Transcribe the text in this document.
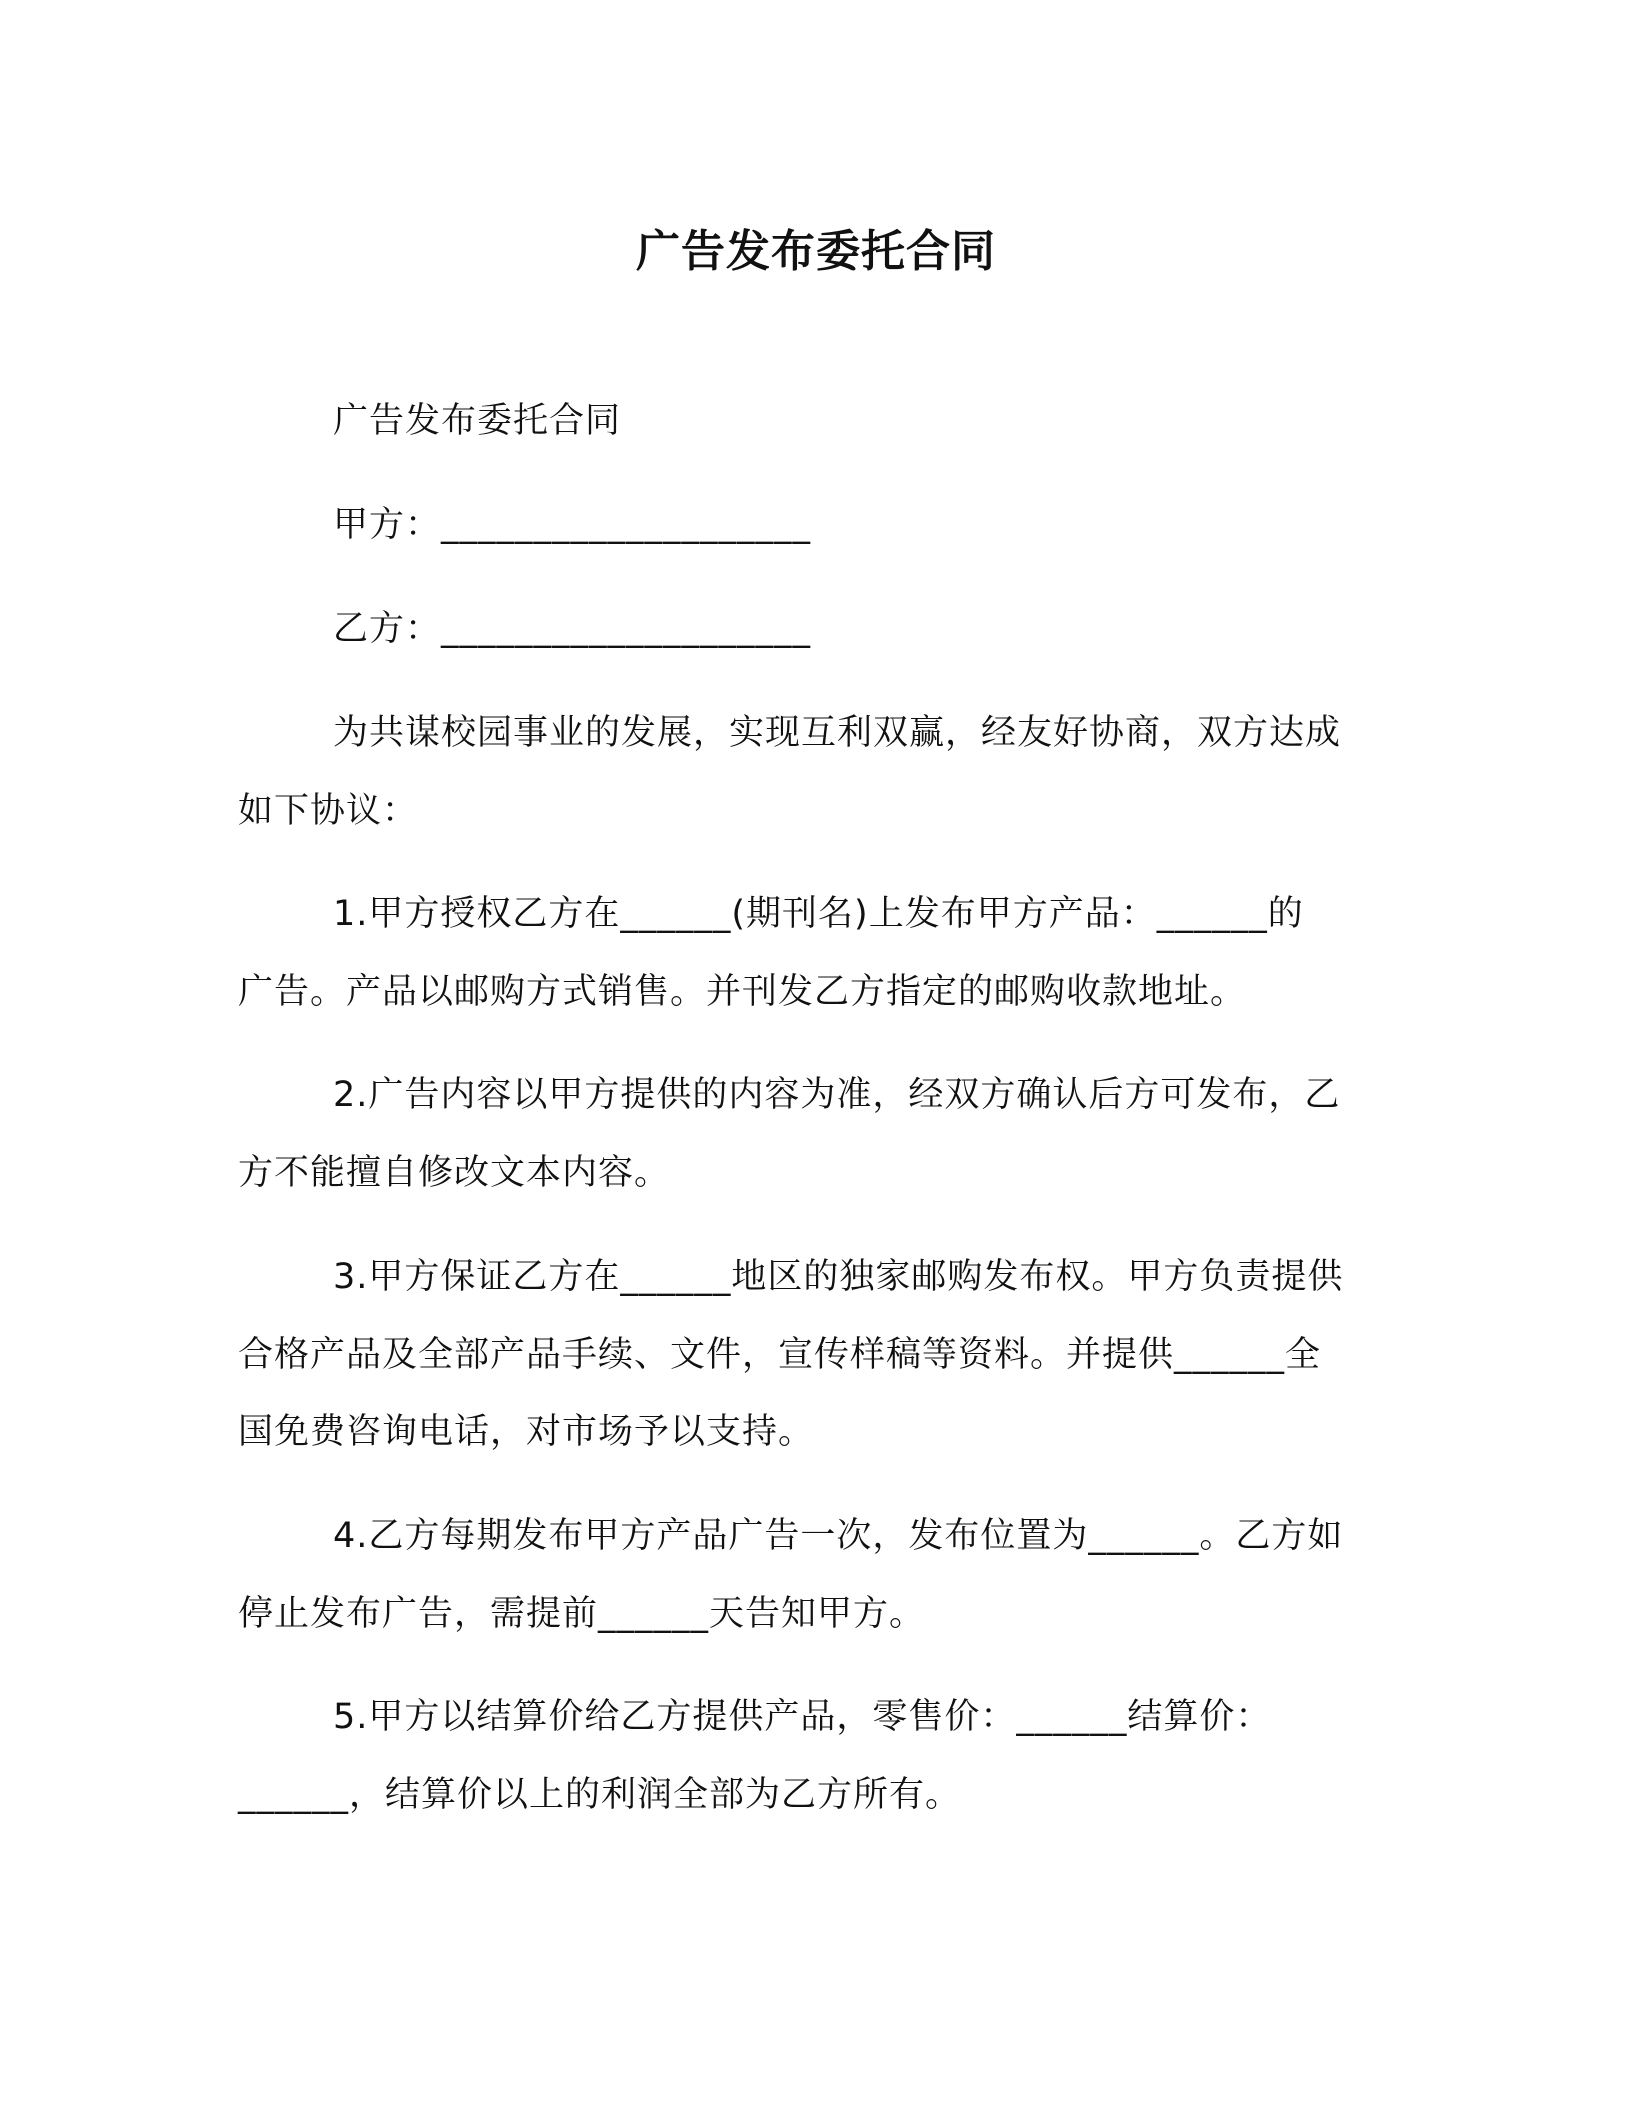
广告发布委托合同
广告发布委托合同
甲方：____________________
乙方：____________________
为共谋校园事业的发展，实现互利双赢，经友好协商，双方达成
如下协议：
1.甲方授权乙方在______(期刊名)上发布甲方产品：______的
广告。产品以邮购方式销售。并刊发乙方指定的邮购收款地址。
2.广告内容以甲方提供的内容为准，经双方确认后方可发布，乙
方不能擅自修改文本内容。
3.甲方保证乙方在______地区的独家邮购发布权。甲方负责提供
合格产品及全部产品手续、文件，宣传样稿等资料。并提供______全
国免费咨询电话，对市场予以支持。
4.乙方每期发布甲方产品广告一次，发布位置为______。乙方如
停止发布广告，需提前______天告知甲方。
5.甲方以结算价给乙方提供产品，零售价：______结算价：
______，结算价以上的利润全部为乙方所有。
